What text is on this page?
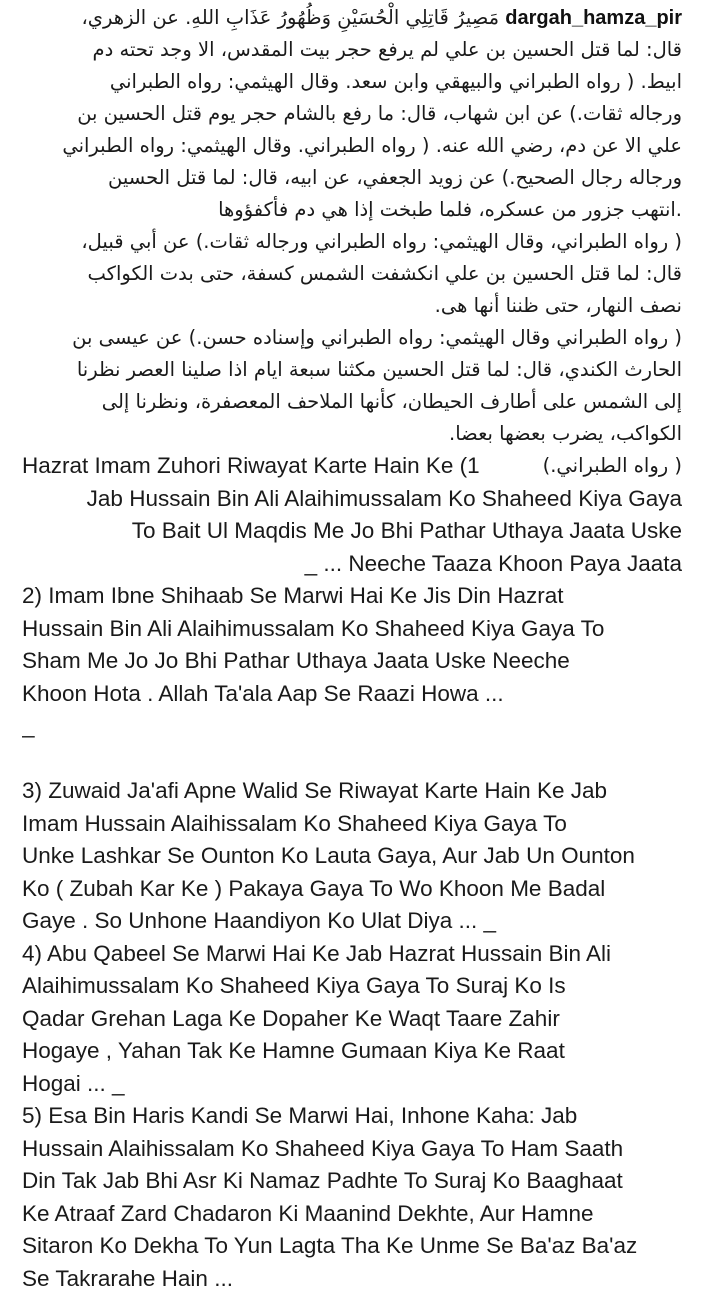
dargah_hamza_pir مَصِيرُ قَاتِلِي الْحُسَيْنِ وَظُهُورُ عَذَابِ اللهِ. عن الزهري،
قال: لما قتل الحسين بن علي لم يرفع حجر بيت المقدس، الا وجد تحته دم
ابيط. ( رواه الطبراني والبيهقي وابن سعد. وقال الهيثمي: رواه الطبراني
ورجاله ثقات.) عن ابن شهاب، قال: ما رفع بالشام حجر يوم قتل الحسين بن
علي الا عن دم، رضي الله عنه. ( رواه الطبراني. وقال الهيثمي: رواه الطبراني
ورجاله رجال الصحيح.) عن زويد الجعفي، عن ابيه، قال: لما قتل الحسين
.انتهب جزور من عسكره، فلما طبخت إذا هي دم فأكفؤوها
( رواه الطبراني، وقال الهيثمي: رواه الطبراني ورجاله ثقات.) عن أبي قبيل،
قال: لما قتل الحسين بن علي انكشفت الشمس كسفة، حتى بدت الكواكب
نصف النهار، حتى ظننا أنها هى.
( رواه الطبراني وقال الهيثمي: رواه الطبراني وإسناده حسن.) عن عيسى بن
الحارث الكندي، قال: لما قتل الحسين مكثنا سبعة ايام اذا صلينا العصر نظرنا
إلى الشمس على أطارف الحيطان، كأنها الملاحف المعصفرة، ونظرنا إلى
الكواكب، يضرب بعضها بعضا.
Hazrat Imam Zuhori Riwayat Karte Hain Ke (1	( رواه الطبراني.)
Jab Hussain Bin Ali Alaihimussalam Ko Shaheed Kiya Gaya
To Bait Ul Maqdis Me Jo Bhi Pathar Uthaya Jaata Uske
_ ... Neeche Taaza Khoon Paya Jaata
2) Imam Ibne Shihaab Se Marwi Hai Ke Jis Din Hazrat
Hussain Bin Ali Alaihimussalam Ko Shaheed Kiya Gaya To
Sham Me Jo Jo Bhi Pathar Uthaya Jaata Uske Neeche
Khoon Hota . Allah Ta'ala Aap Se Raazi Howa ...
_
3) Zuwaid Ja'afi Apne Walid Se Riwayat Karte Hain Ke Jab
Imam Hussain Alaihissalam Ko Shaheed Kiya Gaya To
Unke Lashkar Se Ounton Ko Lauta Gaya, Aur Jab Un Ounton
Ko ( Zubah Kar Ke ) Pakaya Gaya To Wo Khoon Me Badal
Gaye . So Unhone Haandiyon Ko Ulat Diya ... _
4) Abu Qabeel Se Marwi Hai Ke Jab Hazrat Hussain Bin Ali
Alaihimussalam Ko Shaheed Kiya Gaya To Suraj Ko Is
Qadar Grehan Laga Ke Dopaher Ke Waqt Taare Zahir
Hogaye , Yahan Tak Ke Hamne Gumaan Kiya Ke Raat
Hogai ... _
5) Esa Bin Haris Kandi Se Marwi Hai, Inhone Kaha: Jab
Hussain Alaihissalam Ko Shaheed Kiya Gaya To Ham Saath
Din Tak Jab Bhi Asr Ki Namaz Padhte To Suraj Ko Baaghaat
Ke Atraaf Zard Chadaron Ki Maanind Dekhte, Aur Hamne
Sitaron Ko Dekha To Yun Lagta Tha Ke Unme Se Ba'az Ba'az
Se Takrarahe Hain ...
